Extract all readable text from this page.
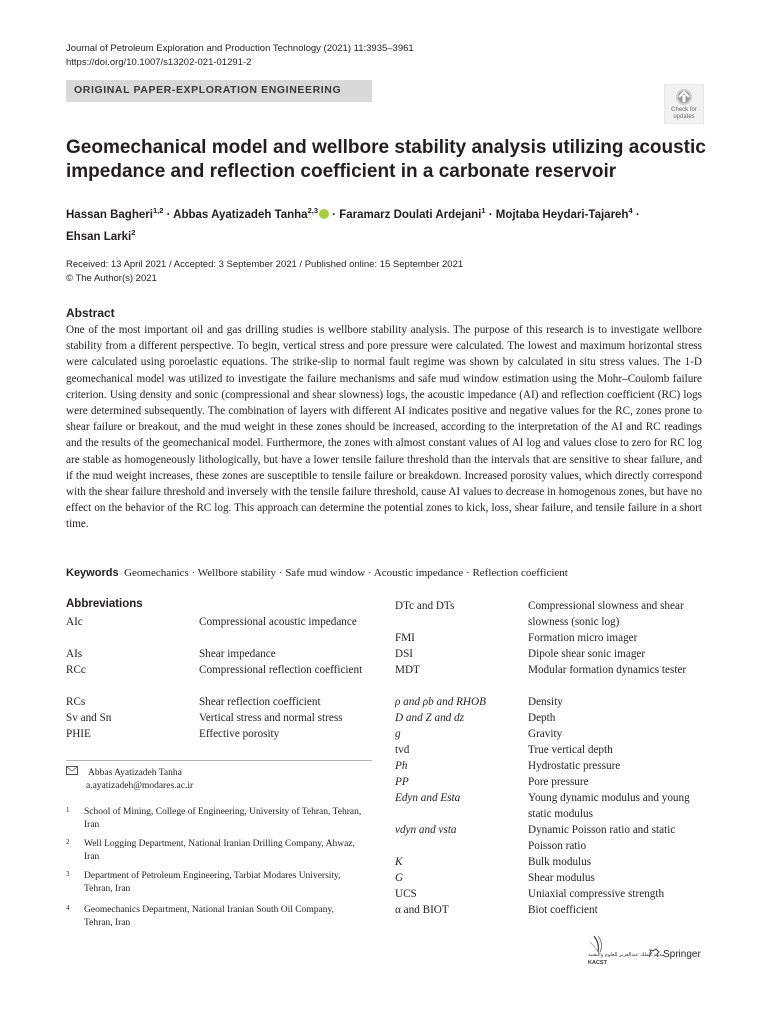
Journal of Petroleum Exploration and Production Technology (2021) 11:3935–3961
https://doi.org/10.1007/s13202-021-01291-2
ORIGINAL PAPER-EXPLORATION ENGINEERING
Check for updates
Geomechanical model and wellbore stability analysis utilizing acoustic impedance and reflection coefficient in a carbonate reservoir
Hassan Bagheri$^{1,2}$ · Abbas Ayatizadeh Tanha$^{2,3}$ · Faramarz Doulati Ardejani$^1$ · Mojtaba Heydari-Tajareh$^4$ ·
Ehsan Larki$^2$
Received: 13 April 2021 / Accepted: 3 September 2021 / Published online: 15 September 2021
© The Author(s) 2021
Abstract
One of the most important oil and gas drilling studies is wellbore stability analysis. The purpose of this research is to investigate wellbore stability from a different perspective. To begin, vertical stress and pore pressure were calculated. The lowest and maximum horizontal stress were calculated using poroelastic equations. The strike-slip to normal fault regime was shown by calculated in situ stress values. The 1-D geomechanical model was utilized to investigate the failure mechanisms and safe mud window estimation using the Mohr–Coulomb failure criterion. Using density and sonic (compressional and shear slowness) logs, the acoustic impedance (AI) and reflection coefficient (RC) logs were determined subsequently. The combination of layers with different AI indicates positive and negative values for the RC, zones prone to shear failure or breakout, and the mud weight in these zones should be increased, according to the interpretation of the AI and RC readings and the results of the geomechanical model. Furthermore, the zones with almost constant values of AI log and values close to zero for RC log are stable as homogeneously lithologically, but have a lower tensile failure threshold than the intervals that are sensitive to shear failure, and if the mud weight increases, these zones are susceptible to tensile failure or breakdown. Increased porosity values, which directly correspond with the shear failure threshold and inversely with the tensile failure threshold, cause AI values to decrease in homogenous zones, but have no effect on the behavior of the RC log. This approach can determine the potential zones to kick, loss, shear failure, and tensile failure in a short time.
Keywords Geomechanics · Wellbore stability · Safe mud window · Acoustic impedance · Reflection coefficient
Abbreviations
AIc	Compressional acoustic impedance
AIs	Shear impedance
RCc	Compressional reflection coefficient
RCs	Shear reflection coefficient
Sv and Sn	Vertical stress and normal stress
PHIE	Effective porosity
DTc and DTs	Compressional slowness and shear slowness (sonic log)
FMI	Formation micro imager
DSI	Dipole shear sonic imager
MDT	Modular formation dynamics tester
ρ and ρb and RHOB	Density
D and Z and dz	Depth
g	Gravity
tvd	True vertical depth
Ph	Hydrostatic pressure
PP	Pore pressure
Edyn and Esta	Young dynamic modulus and young static modulus
νdyn and νsta	Dynamic Poisson ratio and static Poisson ratio
K	Bulk modulus
G	Shear modulus
UCS	Uniaxial compressive strength
α and BIOT	Biot coefficient
Abbas Ayatizadeh Tanha
a.ayatizadeh@modares.ac.ir
1 School of Mining, College of Engineering, University of Tehran, Tehran, Iran
2 Well Logging Department, National Iranian Drilling Company, Ahwaz, Iran
3 Department of Petroleum Engineering, Tarbiat Modares University, Tehran, Iran
4 Geomechanics Department, National Iranian South Oil Company, Tehran, Iran
مدينة الملك عبدالعزيز للعلوم والتقنية
KACST
Springer
